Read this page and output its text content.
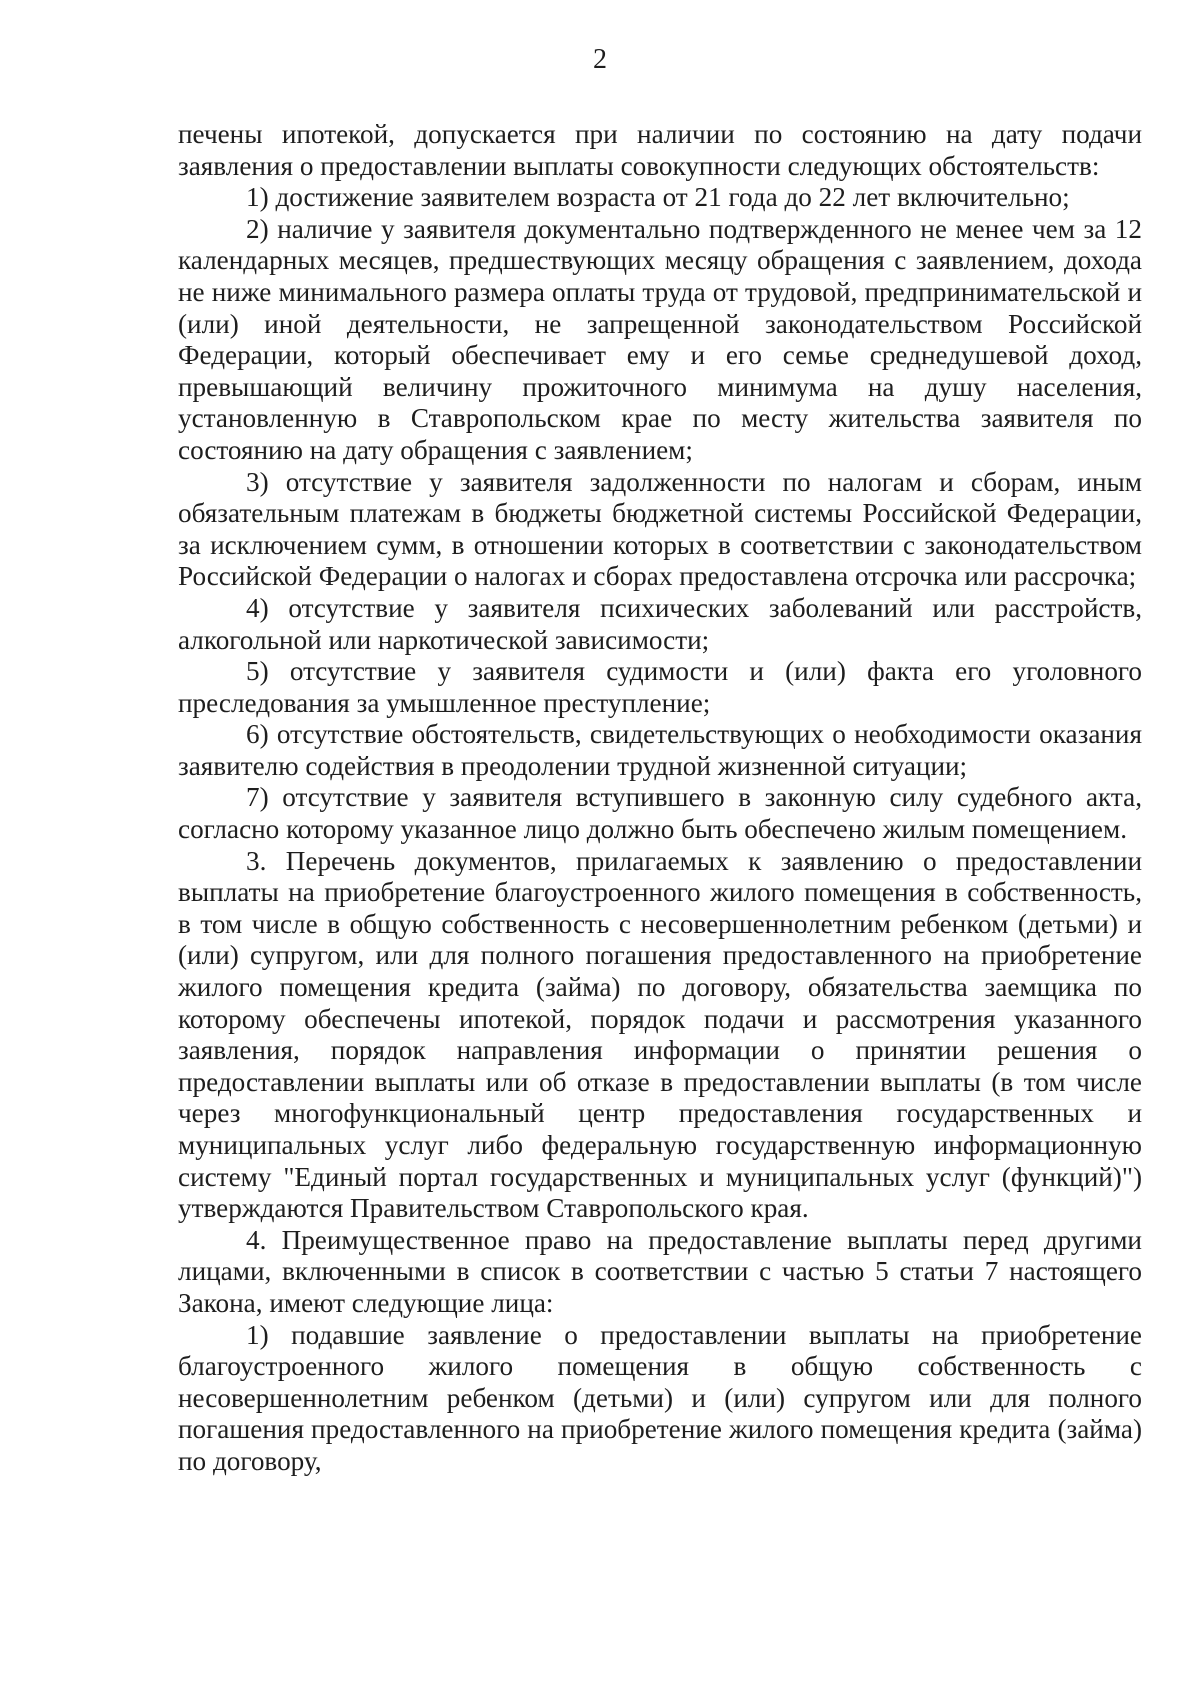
2

печены ипотекой, допускается при наличии по состоянию на дату подачи заявления о предоставлении выплаты совокупности следующих обстоятельств:

1) достижение заявителем возраста от 21 года до 22 лет включительно;

2) наличие у заявителя документально подтвержденного не менее чем за 12 календарных месяцев, предшествующих месяцу обращения с заявлением, дохода не ниже минимального размера оплаты труда от трудовой, предпринимательской и (или) иной деятельности, не запрещенной законодательством Российской Федерации, который обеспечивает ему и его семье среднедушевой доход, превышающий величину прожиточного минимума на душу населения, установленную в Ставропольском крае по месту жительства заявителя по состоянию на дату обращения с заявлением;

3) отсутствие у заявителя задолженности по налогам и сборам, иным обязательным платежам в бюджеты бюджетной системы Российской Федерации, за исключением сумм, в отношении которых в соответствии с законодательством Российской Федерации о налогах и сборах предоставлена отсрочка или рассрочка;

4) отсутствие у заявителя психических заболеваний или расстройств, алкогольной или наркотической зависимости;

5) отсутствие у заявителя судимости и (или) факта его уголовного преследования за умышленное преступление;

6) отсутствие обстоятельств, свидетельствующих о необходимости оказания заявителю содействия в преодолении трудной жизненной ситуации;

7) отсутствие у заявителя вступившего в законную силу судебного акта, согласно которому указанное лицо должно быть обеспечено жилым помещением.

3. Перечень документов, прилагаемых к заявлению о предоставлении выплаты на приобретение благоустроенного жилого помещения в собственность, в том числе в общую собственность с несовершеннолетним ребенком (детьми) и (или) супругом, или для полного погашения предоставленного на приобретение жилого помещения кредита (займа) по договору, обязательства заемщика по которому обеспечены ипотекой, порядок подачи и рассмотрения указанного заявления, порядок направления информации о принятии решения о предоставлении выплаты или об отказе в предоставлении выплаты (в том числе через многофункциональный центр предоставления государственных и муниципальных услуг либо федеральную государственную информационную систему "Единый портал государственных и муниципальных услуг (функций)") утверждаются Правительством Ставропольского края.

4. Преимущественное право на предоставление выплаты перед другими лицами, включенными в список в соответствии с частью 5 статьи 7 настоящего Закона, имеют следующие лица:

1) подавшие заявление о предоставлении выплаты на приобретение благоустроенного жилого помещения в общую собственность с несовершеннолетним ребенком (детьми) и (или) супругом или для полного погашения предоставленного на приобретение жилого помещения кредита (займа) по договору,
